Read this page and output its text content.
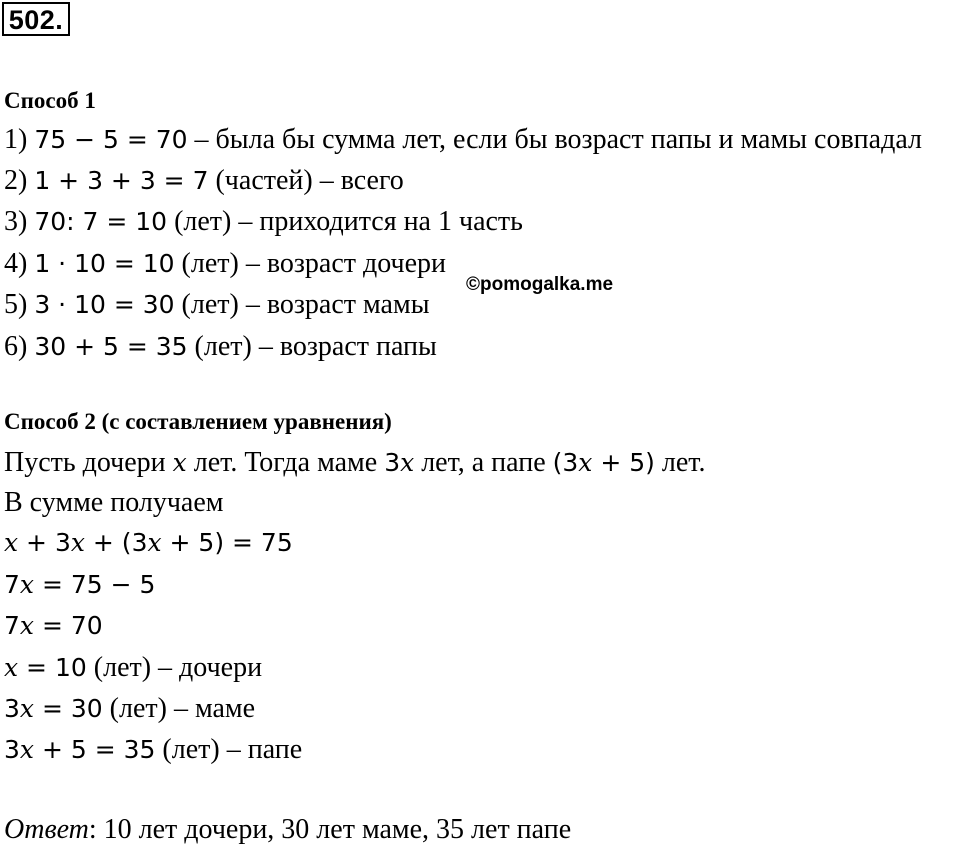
502.
Способ 1
1) 75 − 5 = 70 – была бы сумма лет, если бы возраст папы и мамы совпадал
2) 1 + 3 + 3 = 7 (частей) – всего
3) 70: 7 = 10 (лет) – приходится на 1 часть
4) 1 · 10 = 10 (лет) – возраст дочери
5) 3 · 10 = 30 (лет) – возраст мамы
6) 30 + 5 = 35 (лет) – возраст папы
©pomogalka.me
Способ 2 (с составлением уравнения)
Пусть дочери x лет. Тогда маме 3x лет, а папе (3x + 5) лет.
В сумме получаем
x + 3x + (3x + 5) = 75
7x = 75 − 5
7x = 70
x = 10 (лет) – дочери
3x = 30 (лет) – маме
3x + 5 = 35 (лет) – папе
Ответ: 10 лет дочери, 30 лет маме, 35 лет папе
